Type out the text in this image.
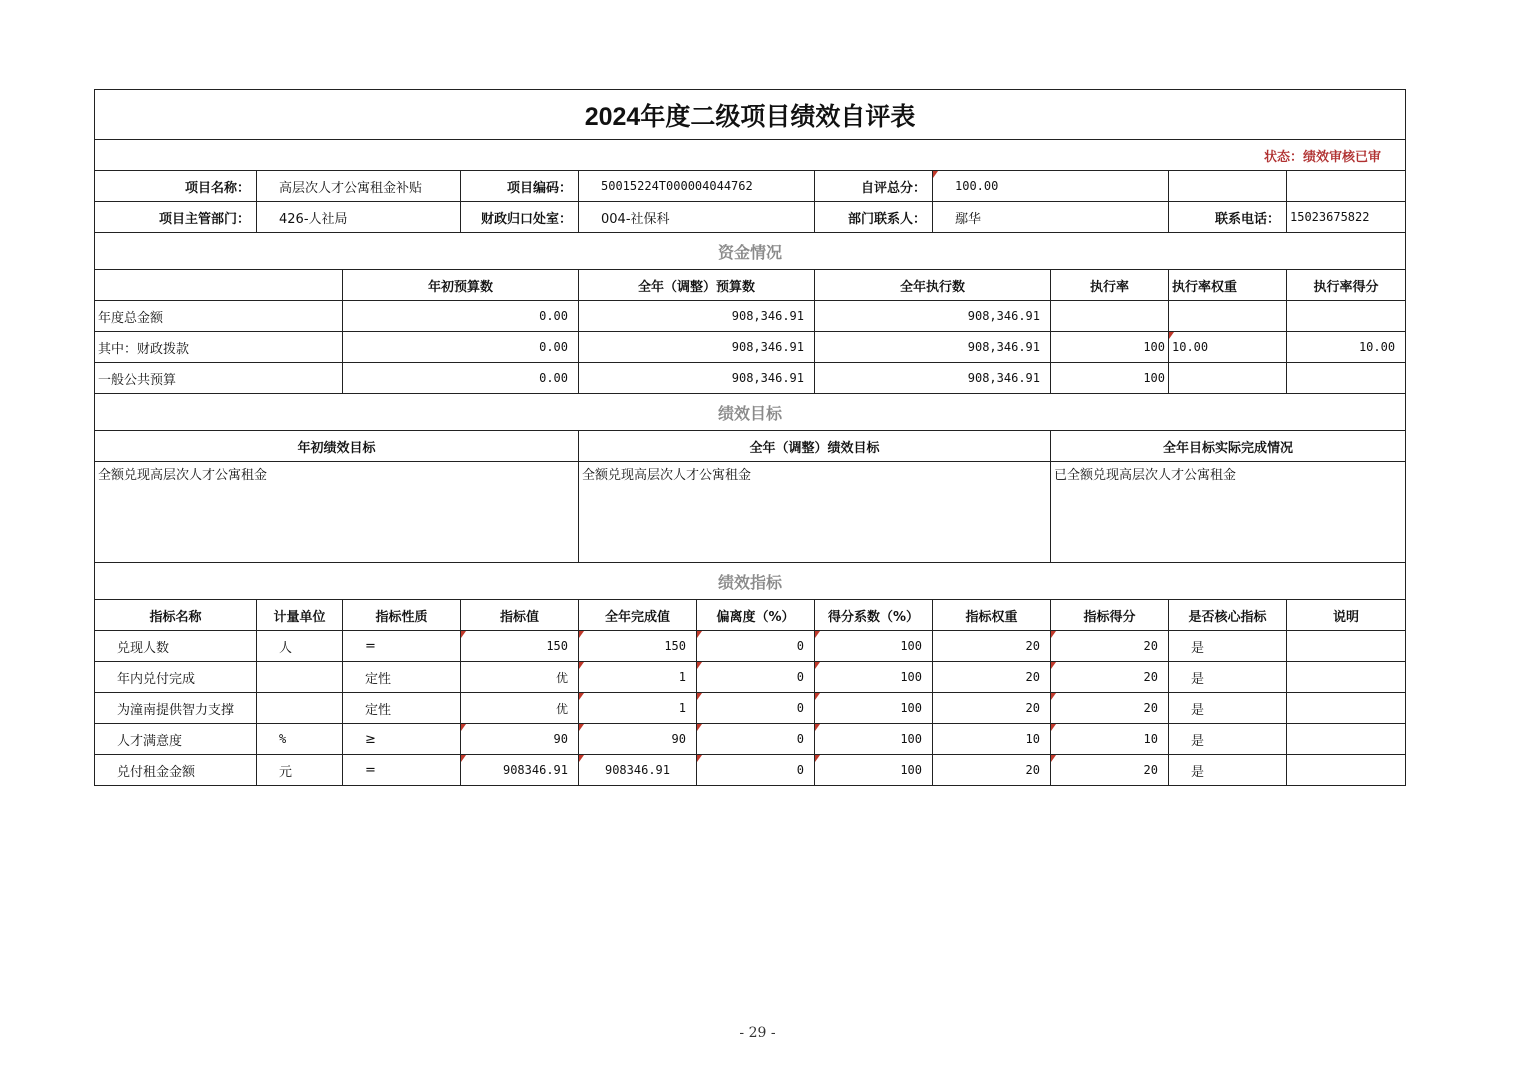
2024年度二级项目绩效自评表										
状态：绩效审核已审										
项目名称：	高层次人才公寓租金补贴		项目编码：	50015224T000004044762		自评总分：	100.00			
项目主管部门：	426-人社局		财政归口处室：	004-社保科		部门联系人：	鄢华		联系电话：	15023675822
资金情况										
		年初预算数		全年（调整）预算数		全年执行数		执行率	执行率权重	执行率得分
年度总金额		0.00		908,346.91		908,346.91				
其中：财政拨款		0.00		908,346.91		908,346.91		100	10.00	10.00
一般公共预算		0.00		908,346.91		908,346.91		100		
绩效目标										
年初绩效目标				全年（调整）绩效目标				全年目标实际完成情况		
全额兑现高层次人才公寓租金				全额兑现高层次人才公寓租金				已全额兑现高层次人才公寓租金		
绩效指标										
指标名称	计量单位	指标性质	指标值	全年完成值	偏离度（%）	得分系数（%）	指标权重	指标得分	是否核心指标	说明
兑现人数	人	=	150	150	0	100	20	20	是	
年内兑付完成		定性	优	1	0	100	20	20	是	
为潼南提供智力支撑		定性	优	1	0	100	20	20	是	
人才满意度	%	≥	90	90	0	100	10	10	是	
兑付租金金额	元	=	908346.91	908346.91	0	100	20	20	是	
- 29 -
